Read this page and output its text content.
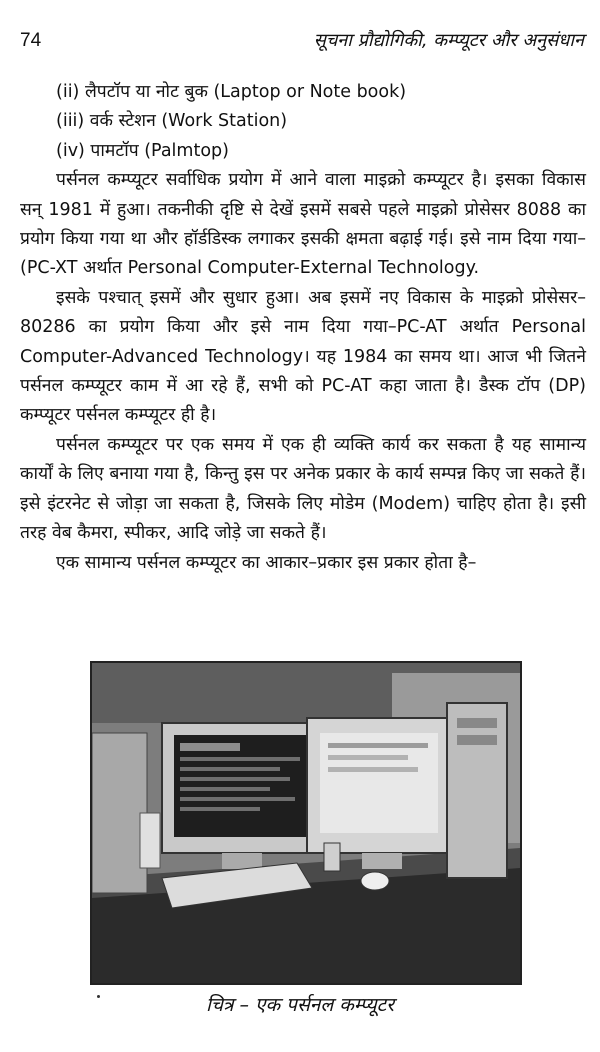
74	सूचना प्रौद्योगिकी, कम्प्यूटर और अनुसंधान
(ii) लैपटॉप या नोट बुक (Laptop or Note book)
(iii) वर्क स्टेशन (Work Station)
(iv) पामटॉप (Palmtop)

पर्सनल कम्प्यूटर सर्वाधिक प्रयोग में आने वाला माइक्रो कम्प्यूटर है। इसका विकास सन् 1981 में हुआ। तकनीकी दृष्टि से देखें इसमें सबसे पहले माइक्रो प्रोसेसर 8088 का प्रयोग किया गया था और हॉर्डडिस्क लगाकर इसकी क्षमता बढ़ाई गई। इसे नाम दिया गया–(PC-XT अर्थात Personal Computer-External Technology.

इसके पश्चात् इसमें और सुधार हुआ। अब इसमें नए विकास के माइक्रो प्रोसेसर–80286 का प्रयोग किया और इसे नाम दिया गया–PC-AT अर्थात Personal Computer-Advanced Technology। यह 1984 का समय था। आज भी जितने पर्सनल कम्प्यूटर काम में आ रहे हैं, सभी को PC-AT कहा जाता है। डैस्क टॉप (DP) कम्प्यूटर पर्सनल कम्प्यूटर ही है।

पर्सनल कम्प्यूटर पर एक समय में एक ही व्यक्ति कार्य कर सकता है यह सामान्य कार्यों के लिए बनाया गया है, किन्तु इस पर अनेक प्रकार के कार्य सम्पन्न किए जा सकते हैं। इसे इंटरनेट से जोड़ा जा सकता है, जिसके लिए मोडेम (Modem) चाहिए होता है। इसी तरह वेब कैमरा, स्पीकर, आदि जोड़े जा सकते हैं।

एक सामान्य पर्सनल कम्प्यूटर का आकार–प्रकार इस प्रकार होता है–

चित्र – एक पर्सनल कम्प्यूटर
